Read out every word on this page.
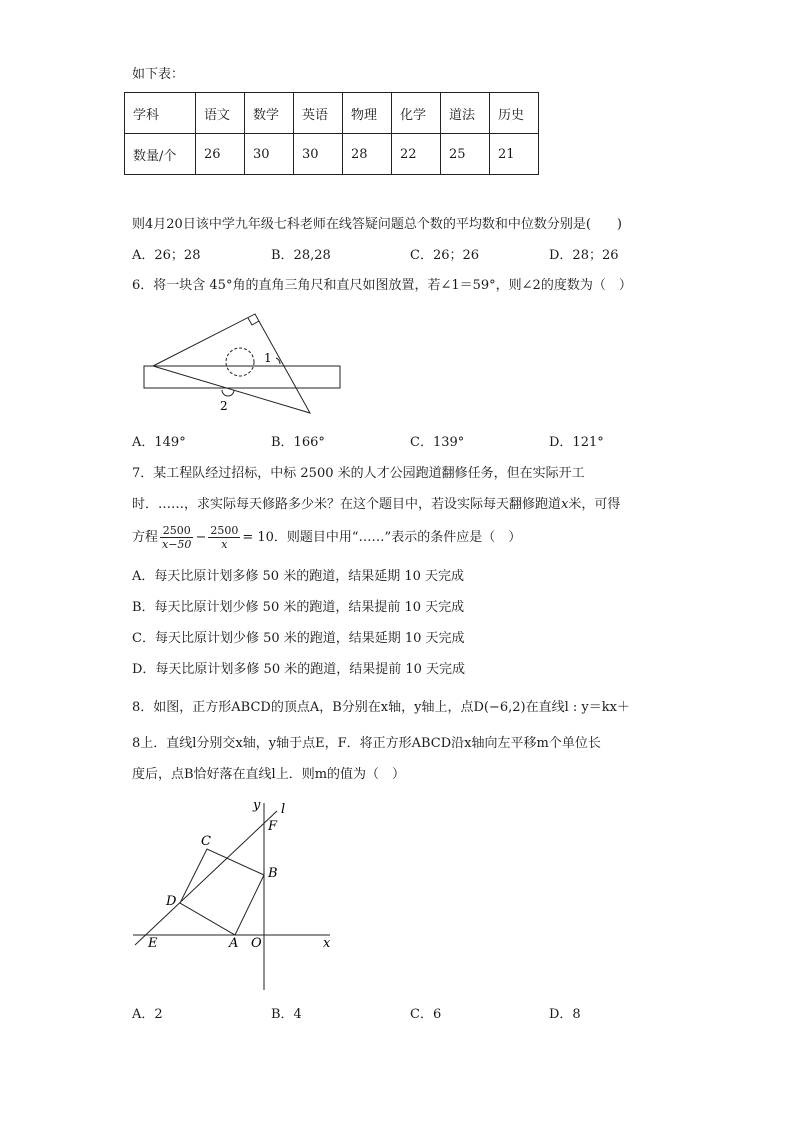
如下表：
学科	语文	数学	英语	物理	化学	道法	历史
数量/个	26	30	30	28	22	25	21
则4月20日该中学九年级七科老师在线答疑问题总个数的平均数和中位数分别是(　　)
A．26；28	B．28,28	C．26；26	D．28；26
6．将一块含 45°角的直角三角尺和直尺如图放置，若∠1＝59°，则∠2的度数为（　）
1
2
A．149°	B．166°	C．139°	D．121°
7．某工程队经过招标，中标 2500 米的人才公园跑道翻修任务，但在实际开工
时．……，求实际每天修路多少米？在这个题目中，若设实际每天翻修跑道x米，可得
方程 $\frac{2500}{x-50} - \frac{2500}{x} = 10$．则题目中用“……”表示的条件应是（　）
A．每天比原计划多修 50 米的跑道，结果延期 10 天完成
B．每天比原计划少修 50 米的跑道，结果提前 10 天完成
C．每天比原计划少修 50 米的跑道，结果延期 10 天完成
D．每天比原计划多修 50 米的跑道，结果提前 10 天完成
8．如图，正方形ABCD的顶点A，B分别在x轴，y轴上，点D(−6,2)在直线l : y＝kx＋
8上．直线l分别交x轴，y轴于点E，F．将正方形ABCD沿x轴向左平移m个单位长
度后，点B恰好落在直线l上．则m的值为（　）
y l
F
C
B
D
E	A O	x
A．2	B．4	C．6	D．8
